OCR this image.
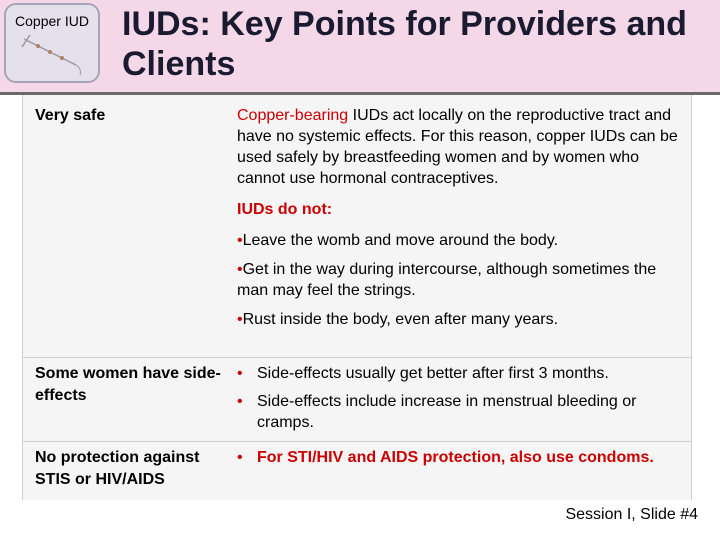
Copper IUD IUDs: Key Points for Providers and Clients
Very safe	Copper-bearing IUDs act locally on the reproductive tract and have no systemic effects. For this reason, copper IUDs can be used safely by breastfeeding women and by women who cannot use hormonal contraceptives.
IUDs do not:
•Leave the womb and move around the body.
•Get in the way during intercourse, although sometimes the man may feel the strings.
•Rust inside the body, even after many years.
Some women have side-effects
• Side-effects usually get better after first 3 months.
• Side-effects include increase in menstrual bleeding or cramps.
No protection against STIS or HIV/AIDS
• For STI/HIV and AIDS protection, also use condoms.
Session I, Slide #4
